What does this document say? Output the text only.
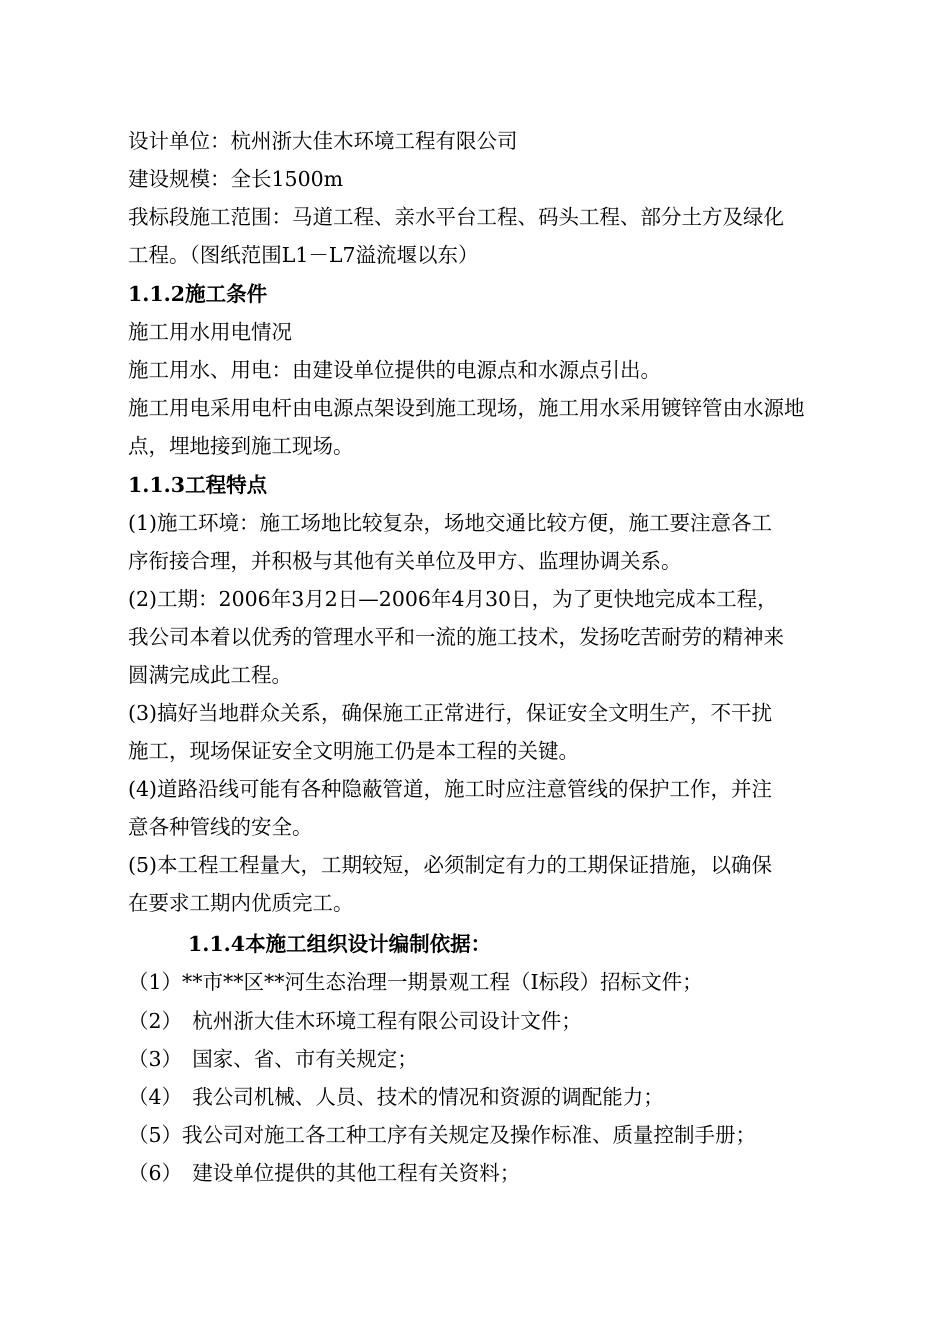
设计单位：杭州浙大佳木环境工程有限公司
建设规模：全长1500m
我标段施工范围：马道工程、亲水平台工程、码头工程、部分土方及绿化
工程。（图纸范围L1－L7溢流堰以东）
1.1.2施工条件
施工用水用电情况
施工用水、用电：由建设单位提供的电源点和水源点引出。
施工用电采用电杆由电源点架设到施工现场，施工用水采用镀锌管由水源地
点，埋地接到施工现场。
1.1.3工程特点
(1)施工环境：施工场地比较复杂，场地交通比较方便，施工要注意各工
序衔接合理，并积极与其他有关单位及甲方、监理协调关系。
(2)工期：2006年3月2日—2006年4月30日，为了更快地完成本工程，
我公司本着以优秀的管理水平和一流的施工技术，发扬吃苦耐劳的精神来
圆满完成此工程。
(3)搞好当地群众关系，确保施工正常进行，保证安全文明生产，不干扰
施工，现场保证安全文明施工仍是本工程的关键。
(4)道路沿线可能有各种隐蔽管道，施工时应注意管线的保护工作，并注
意各种管线的安全。
(5)本工程工程量大，工期较短，必须制定有力的工期保证措施，以确保
在要求工期内优质完工。
1.1.4本施工组织设计编制依据：
（1）**市**区**河生态治理一期景观工程（Ⅰ标段）招标文件；
（2）　杭州浙大佳木环境工程有限公司设计文件；
（3）　国家、省、市有关规定；
（4）　我公司机械、人员、技术的情况和资源的调配能力；
（5）我公司对施工各工种工序有关规定及操作标准、质量控制手册；
（6）　建设单位提供的其他工程有关资料；
